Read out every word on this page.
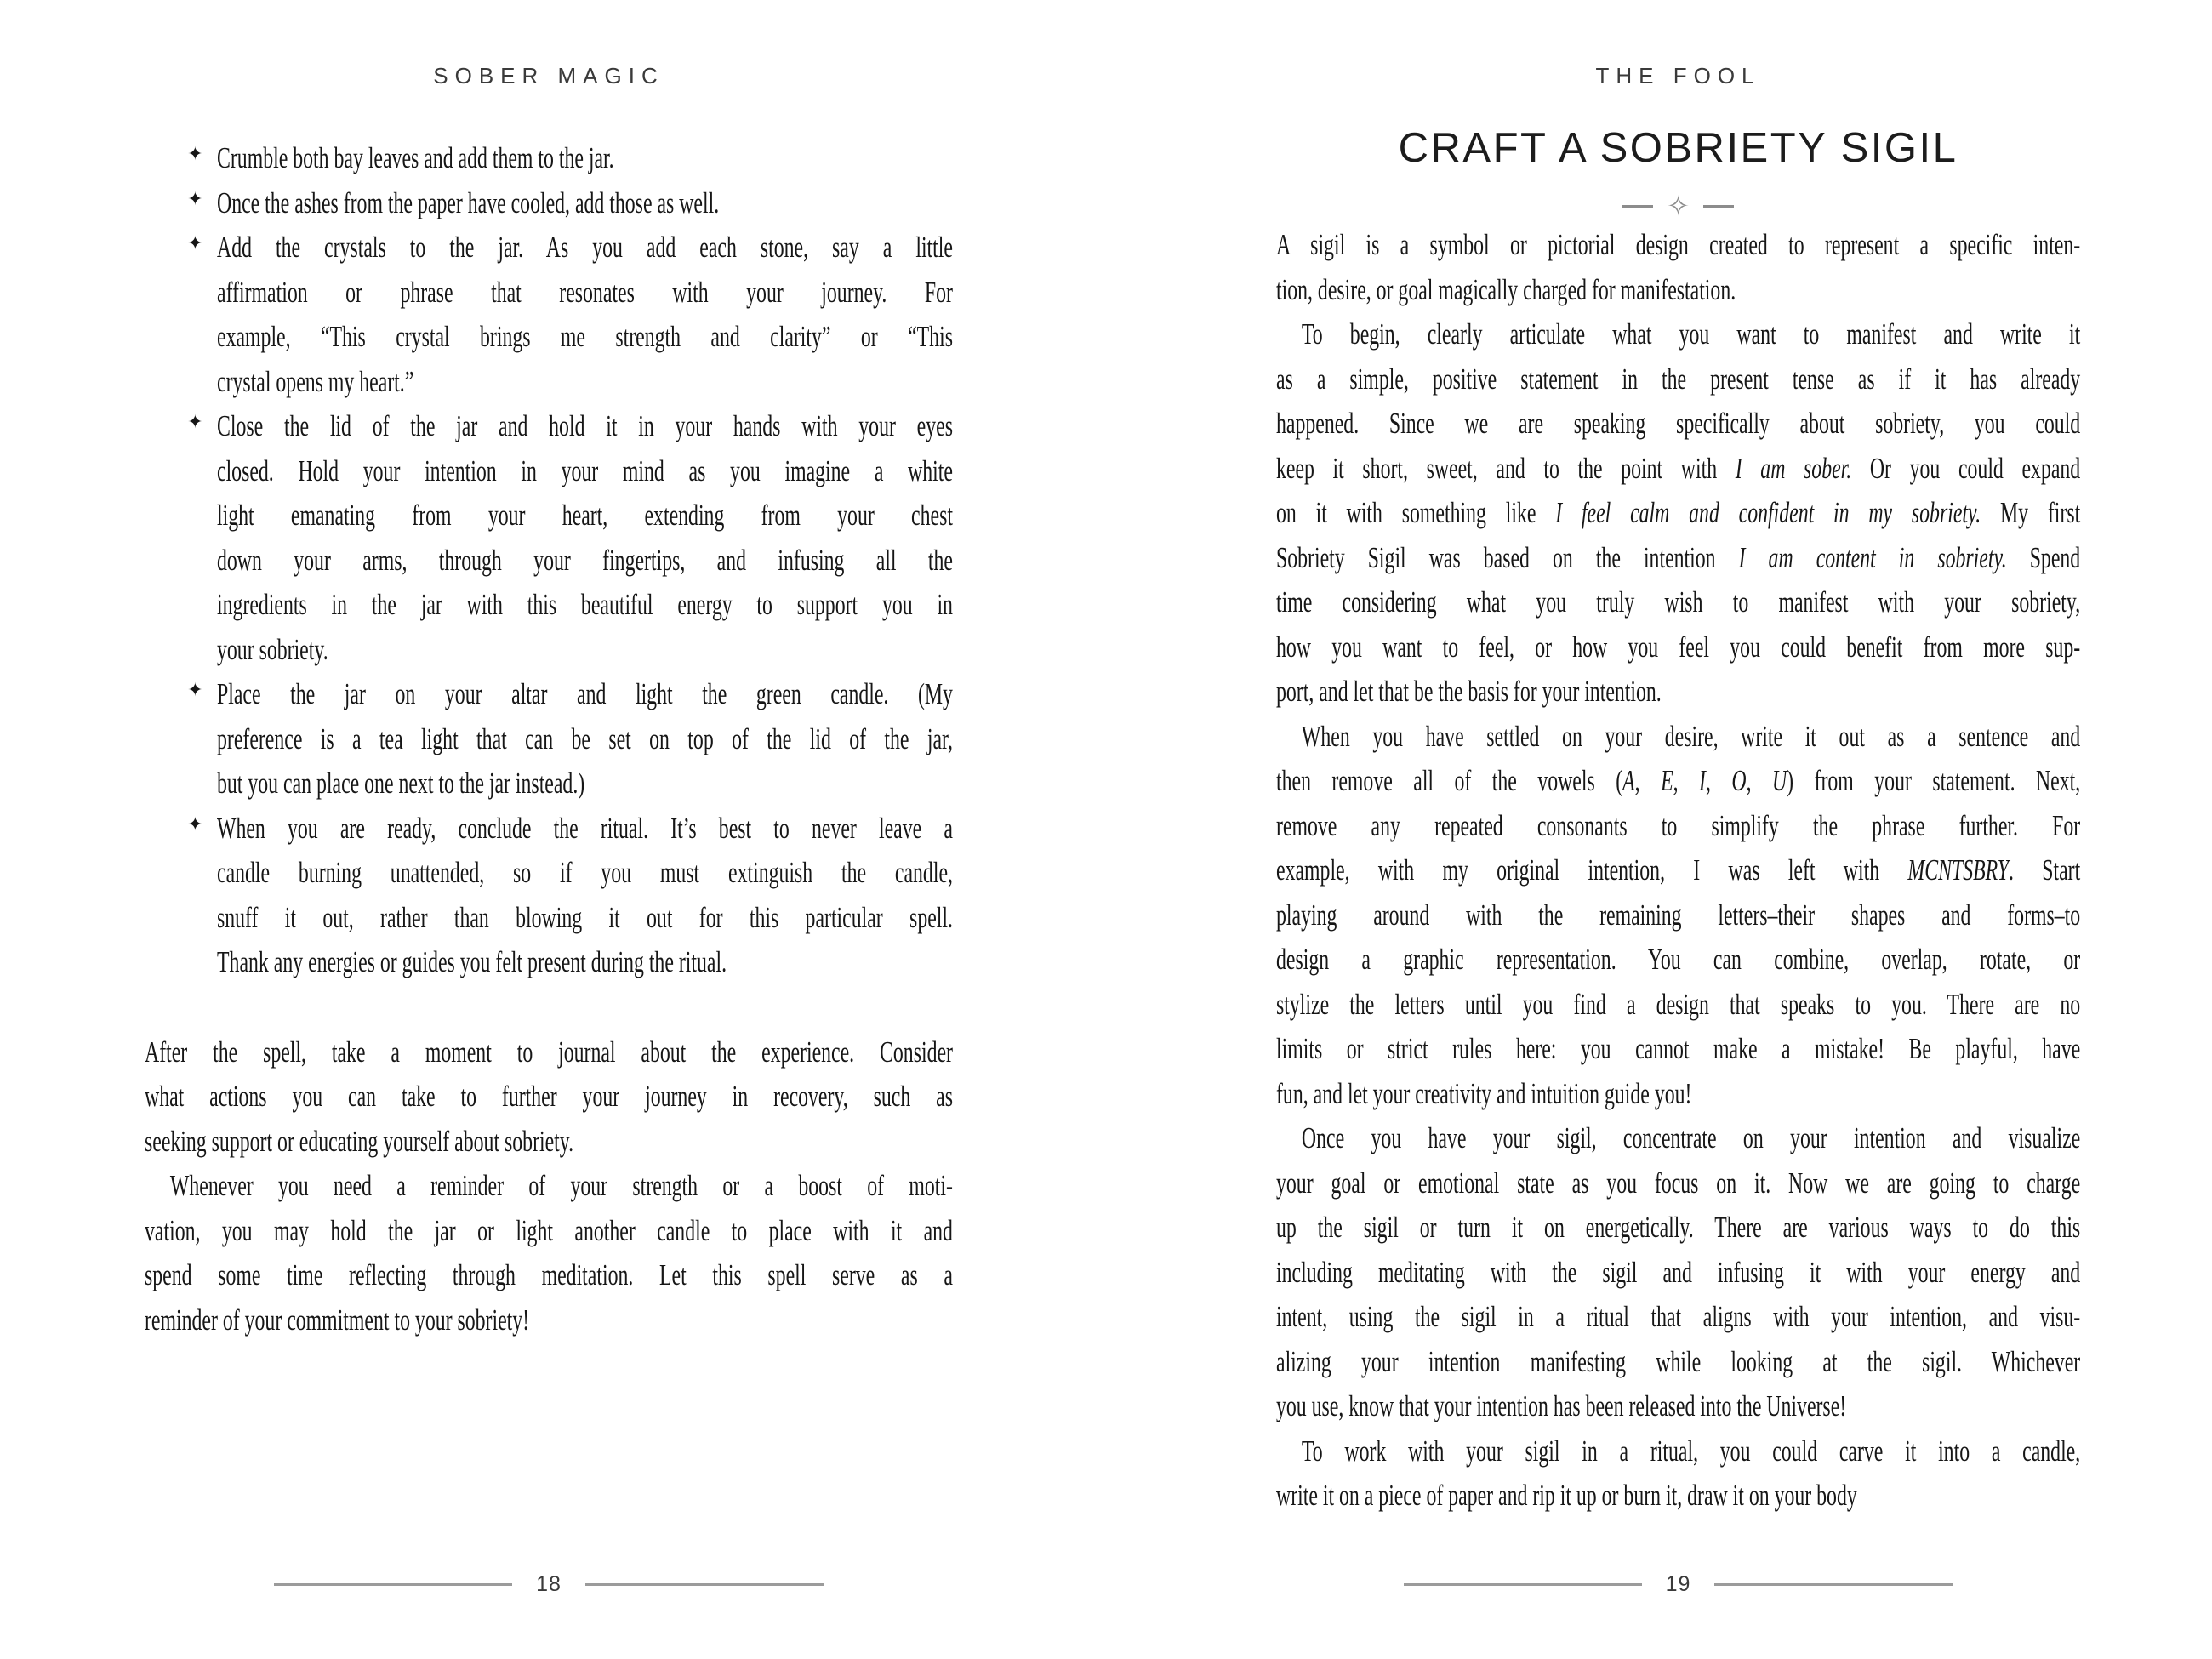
SOBER MAGIC
✦ Crumble both bay leaves and add them to the jar.
✦ Once the ashes from the paper have cooled, add those as well.
✦ Add the crystals to the jar. As you add each stone, say a little
affirmation or phrase that resonates with your journey. For
example, “This crystal brings me strength and clarity” or “This
crystal opens my heart.”
✦ Close the lid of the jar and hold it in your hands with your eyes
closed. Hold your intention in your mind as you imagine a white
light emanating from your heart, extending from your chest
down your arms, through your fingertips, and infusing all the
ingredients in the jar with this beautiful energy to support you in
your sobriety.
✦ Place the jar on your altar and light the green candle. (My
preference is a tea light that can be set on top of the lid of the jar,
but you can place one next to the jar instead.)
✦ When you are ready, conclude the ritual. It’s best to never leave a
candle burning unattended, so if you must extinguish the candle,
snuff it out, rather than blowing it out for this particular spell.
Thank any energies or guides you felt present during the ritual.
After the spell, take a moment to journal about the experience. Consider
what actions you can take to further your journey in recovery, such as
seeking support or educating yourself about sobriety.
Whenever you need a reminder of your strength or a boost of moti-
vation, you may hold the jar or light another candle to place with it and
spend some time reflecting through meditation. Let this spell serve as a
reminder of your commitment to your sobriety!
18
THE FOOL
CRAFT A SOBRIETY SIGIL
✧
A sigil is a symbol or pictorial design created to represent a specific inten-
tion, desire, or goal magically charged for manifestation.
To begin, clearly articulate what you want to manifest and write it
as a simple, positive statement in the present tense as if it has already
happened. Since we are speaking specifically about sobriety, you could
keep it short, sweet, and to the point with I am sober. Or you could expand
on it with something like I feel calm and confident in my sobriety. My first
Sobriety Sigil was based on the intention I am content in sobriety. Spend
time considering what you truly wish to manifest with your sobriety,
how you want to feel, or how you feel you could benefit from more sup-
port, and let that be the basis for your intention.
When you have settled on your desire, write it out as a sentence and
then remove all of the vowels (A, E, I, O, U) from your statement. Next,
remove any repeated consonants to simplify the phrase further. For
example, with my original intention, I was left with MCNTSBRY. Start
playing around with the remaining letters–their shapes and forms–to
design a graphic representation. You can combine, overlap, rotate, or
stylize the letters until you find a design that speaks to you. There are no
limits or strict rules here: you cannot make a mistake! Be playful, have
fun, and let your creativity and intuition guide you!
Once you have your sigil, concentrate on your intention and visualize
your goal or emotional state as you focus on it. Now we are going to charge
up the sigil or turn it on energetically. There are various ways to do this
including meditating with the sigil and infusing it with your energy and
intent, using the sigil in a ritual that aligns with your intention, and visu-
alizing your intention manifesting while looking at the sigil. Whichever
you use, know that your intention has been released into the Universe!
To work with your sigil in a ritual, you could carve it into a candle,
write it on a piece of paper and rip it up or burn it, draw it on your body
19
